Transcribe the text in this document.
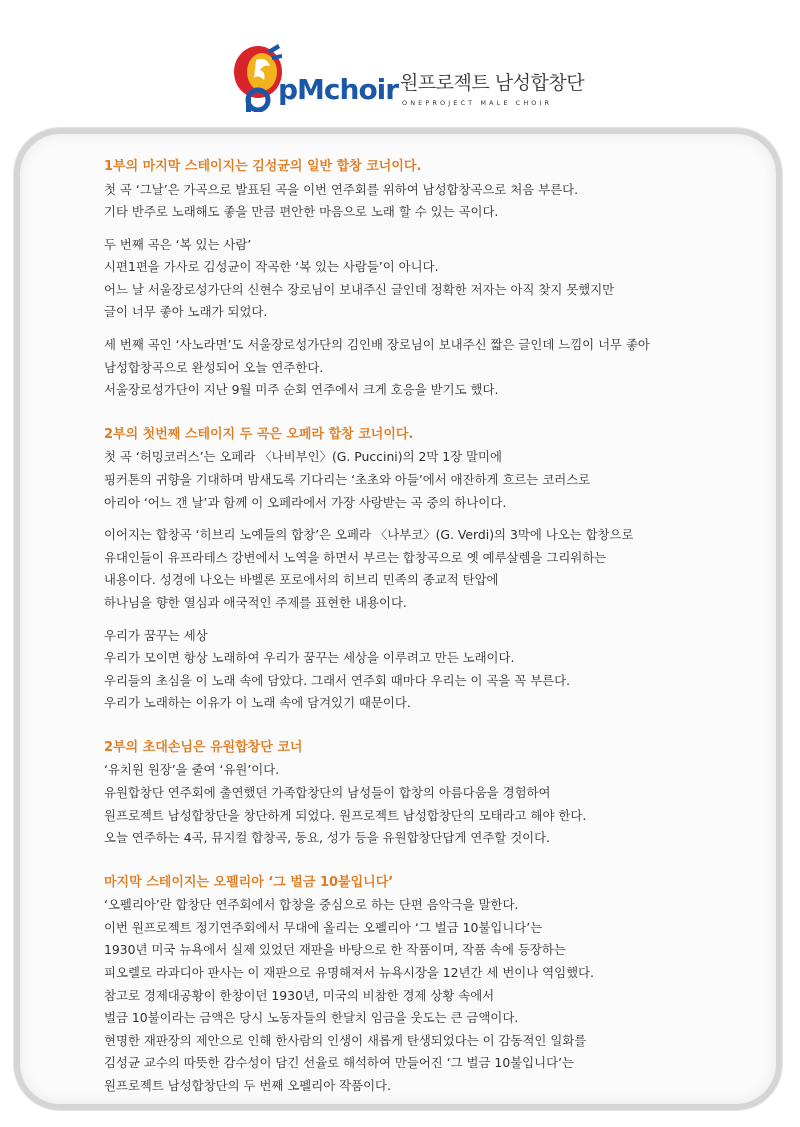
pMchoir 원프로젝트 남성합창단
ONEPROJECT MALE CHOIR
1부의 마지막 스테이지는 김성균의 일반 합창 코너이다.
첫 곡 ‘그날’은 가곡으로 발표된 곡을 이번 연주회를 위하여 남성합창곡으로 처음 부른다.
기타 반주로 노래해도 좋을 만큼 편안한 마음으로 노래 할 수 있는 곡이다.
두 번째 곡은 ‘복 있는 사람’
시편1편을 가사로 김성균이 작곡한 ‘복 있는 사람들’이 아니다.
어느 날 서울장로성가단의 신현수 장로님이 보내주신 글인데 정확한 저자는 아직 찾지 못했지만
글이 너무 좋아 노래가 되었다.
세 번째 곡인 ‘사노라면’도 서울장로성가단의 김인배 장로님이 보내주신 짧은 글인데 느낌이 너무 좋아
남성합창곡으로 완성되어 오늘 연주한다.
서울장로성가단이 지난 9월 미주 순회 연주에서 크게 호응을 받기도 했다.
2부의 첫번째 스테이지 두 곡은 오페라 합창 코너이다.
첫 곡 ‘허밍코러스’는 오페라 〈나비부인〉(G. Puccini)의 2막 1장 말미에
핑커톤의 귀향을 기대하며 밤새도록 기다리는 ‘초초와 아들’에서 애잔하게 흐르는 코러스로
아리아 ‘어느 갠 날’과 함께 이 오페라에서 가장 사랑받는 곡 중의 하나이다.
이어지는 합창곡 ‘히브리 노예들의 합창’은 오페라 〈나부코〉(G. Verdi)의 3막에 나오는 합창으로
유대인들이 유프라테스 강변에서 노역을 하면서 부르는 합창곡으로 옛 예루살렘을 그리워하는
내용이다. 성경에 나오는 바벨론 포로에서의 히브리 민족의 종교적 탄압에
하나님을 향한 열심과 애국적인 주제를 표현한 내용이다.
우리가 꿈꾸는 세상
우리가 모이면 항상 노래하여 우리가 꿈꾸는 세상을 이루려고 만든 노래이다.
우리들의 초심을 이 노래 속에 담았다. 그래서 연주회 때마다 우리는 이 곡을 꼭 부른다.
우리가 노래하는 이유가 이 노래 속에 담겨있기 때문이다.
2부의 초대손님은 유원합창단 코너
‘유치원 원장’을 줄여 ‘유원’이다.
유원합창단 연주회에 출연했던 가족합창단의 남성들이 합창의 아름다움을 경험하여
원프로젝트 남성합창단을 창단하게 되었다. 원프로젝트 남성합창단의 모태라고 해야 한다.
오늘 연주하는 4곡, 뮤지컬 합창곡, 동요, 성가 등을 유원합창단답게 연주할 것이다.
마지막 스테이지는 오펠리아 ‘그 벌금 10불입니다’
‘오펠리아’란 합창단 연주회에서 합창을 중심으로 하는 단편 음악극을 말한다.
이번 원프로젝트 정기연주회에서 무대에 올리는 오펠리아 ‘그 벌금 10불입니다’는
1930년 미국 뉴욕에서 실제 있었던 재판을 바탕으로 한 작품이며, 작품 속에 등장하는
피오렐로 라과디아 판사는 이 재판으로 유명해져서 뉴욕시장을 12년간 세 번이나 역임했다.
참고로 경제대공황이 한창이던 1930년, 미국의 비참한 경제 상황 속에서
벌금 10불이라는 금액은 당시 노동자들의 한달치 임금을 웃도는 큰 금액이다.
현명한 재판장의 제안으로 인해 한사람의 인생이 새롭게 탄생되었다는 이 감동적인 일화를
김성균 교수의 따뜻한 감수성이 담긴 선율로 해석하여 만들어진 ‘그 벌금 10불입니다’는
원프로젝트 남성합창단의 두 번째 오펠리아 작품이다.
